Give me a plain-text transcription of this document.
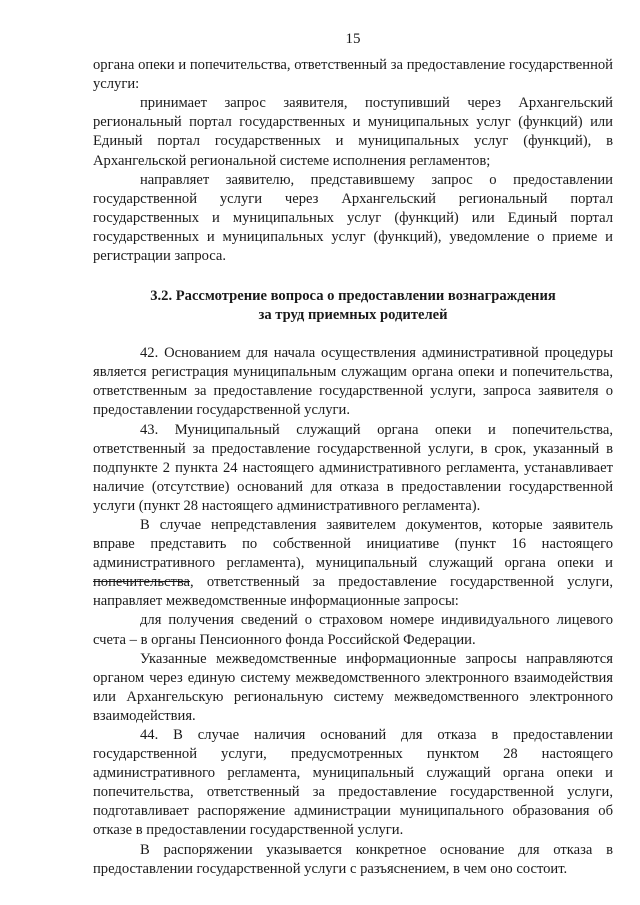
15

органа опеки и попечительства, ответственный за предоставление государственной услуги:

принимает запрос заявителя, поступивший через Архангельский региональный портал государственных и муниципальных услуг (функций) или Единый портал государственных и муниципальных услуг (функций), в Архангельской региональной системе исполнения регламентов;

направляет заявителю, представившему запрос о предоставлении государственной услуги через Архангельский региональный портал государственных и муниципальных услуг (функций) или Единый портал государственных и муниципальных услуг (функций), уведомление о приеме и регистрации запроса.

3.2. Рассмотрение вопроса о предоставлении вознаграждения
за труд приемных родителей

42. Основанием для начала осуществления административной процедуры является регистрация муниципальным служащим органа опеки и попечительства, ответственным за предоставление государственной услуги, запроса заявителя о предоставлении государственной услуги.

43. Муниципальный служащий органа опеки и попечительства, ответственный за предоставление государственной услуги, в срок, указанный в подпункте 2 пункта 24 настоящего административного регламента, устанавливает наличие (отсутствие) оснований для отказа в предоставлении государственной услуги (пункт 28 настоящего административного регламента).

В случае непредставления заявителем документов, которые заявитель вправе представить по собственной инициативе (пункт 16 настоящего административного регламента), муниципальный служащий органа опеки и попечительства, ответственный за предоставление государственной услуги, направляет межведомственные информационные запросы:

для получения сведений о страховом номере индивидуального лицевого счета – в органы Пенсионного фонда Российской Федерации.

Указанные межведомственные информационные запросы направляются органом через единую систему межведомственного электронного взаимодействия или Архангельскую региональную систему межведомственного электронного взаимодействия.

44. В случае наличия оснований для отказа в предоставлении государственной услуги, предусмотренных пунктом 28 настоящего административного регламента, муниципальный служащий органа опеки и попечительства, ответственный за предоставление государственной услуги, подготавливает распоряжение администрации муниципального образования об отказе в предоставлении государственной услуги.

В распоряжении указывается конкретное основание для отказа в предоставлении государственной услуги с разъяснением, в чем оно состоит.
